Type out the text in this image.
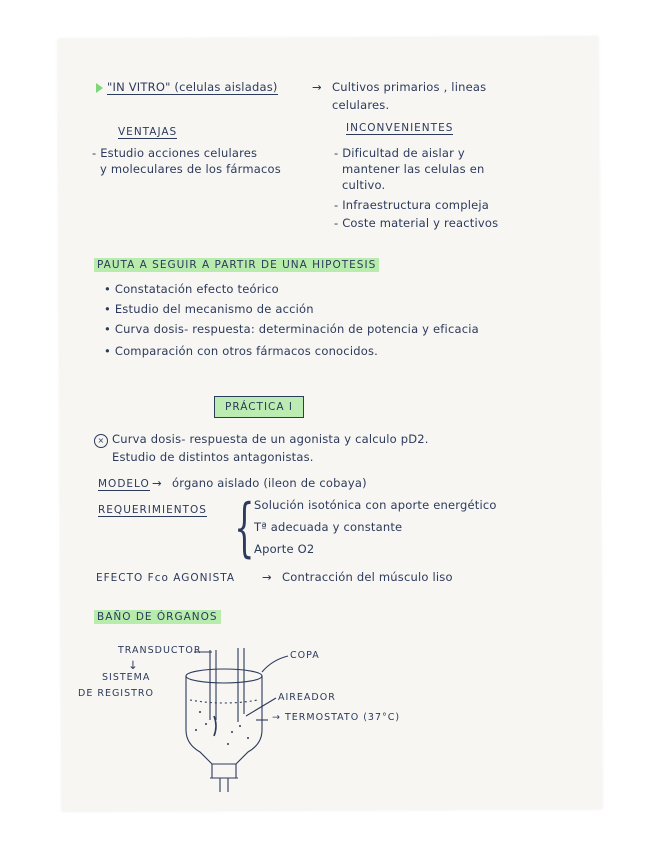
"IN VITRO" (celulas aisladas)	→ Cultivos primarios , lineas
celulares.
VENTAJAS
- Estudio acciones celulares
y moleculares de los fármacos
INCONVENIENTES
- Dificultad de aislar y
mantener las celulas en
cultivo.
- Infraestructura compleja
- Coste material y reactivos
PAUTA A SEGUIR A PARTIR DE UNA HIPOTESIS
• Constatación efecto teórico
• Estudio del mecanismo de acción
• Curva dosis- respuesta: determinación de potencia y eficacia
• Comparación con otros fármacos conocidos.
PRÁCTICA I
× Curva dosis- respuesta de un agonista y calculo pD2.
Estudio de distintos antagonistas.
MODELO → órgano aislado (ileon de cobaya)
REQUERIMIENTOS { Solución isotónica con aporte energético
Tª adecuada y constante
Aporte O2
EFECTO Fco AGONISTA → Contracción del músculo liso
BAÑO DE ÓRGANOS
TRANSDUCTOR
↓
SISTEMA
DE REGISTRO
COPA
AIREADOR
→ TERMOSTATO (37°C)
